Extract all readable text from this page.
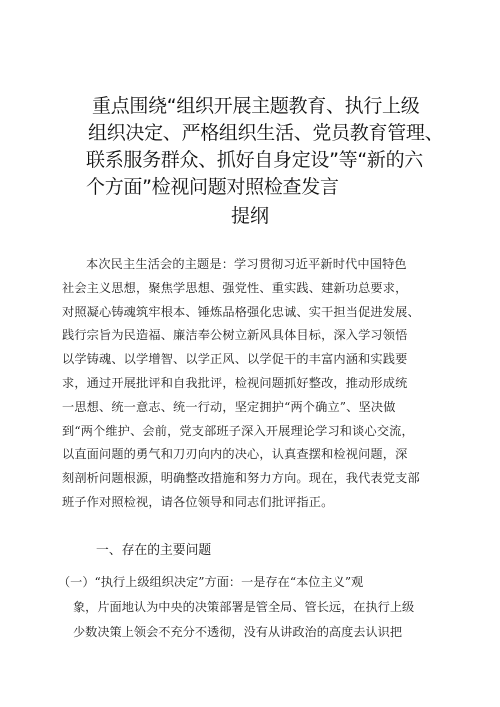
重点围绕“组织开展主题教育、执行上级
组织决定、严格组织生活、党员教育管理、
联系服务群众、抓好自身定设”等“新的六
个方面”检视问题对照检查发言
提纲
本次民主生活会的主题是：学习贯彻习近平新时代中国特色
社会主义思想，聚焦学思想、强党性、重实践、建新功总要求，
对照凝心铸魂筑牢根本、锤炼品格强化忠诚、实干担当促进发展、
践行宗旨为民造福、廉洁奉公树立新风具体目标，深入学习领悟
以学铸魂、以学增智、以学正风、以学促干的丰富内涵和实践要
求，通过开展批评和自我批评，检视问题抓好整改，推动形成统
一思想、统一意志、统一行动，坚定拥护“两个确立”、坚决做
到“两个维护、会前，党支部班子深入开展理论学习和谈心交流，
以直面问题的勇气和刀刃向内的决心，认真查摆和检视问题，深
刻剖析问题根源，明确整改措施和努力方向。现在，我代表党支部
班子作对照检视，请各位领导和同志们批评指正。
一、存在的主要问题
（一）“执行上级组织决定”方面：一是存在“本位主义”观
象，片面地认为中央的决策部署是管全局、管长远，在执行上级
少数决策上领会不充分不透彻，没有从讲政治的高度去认识把
